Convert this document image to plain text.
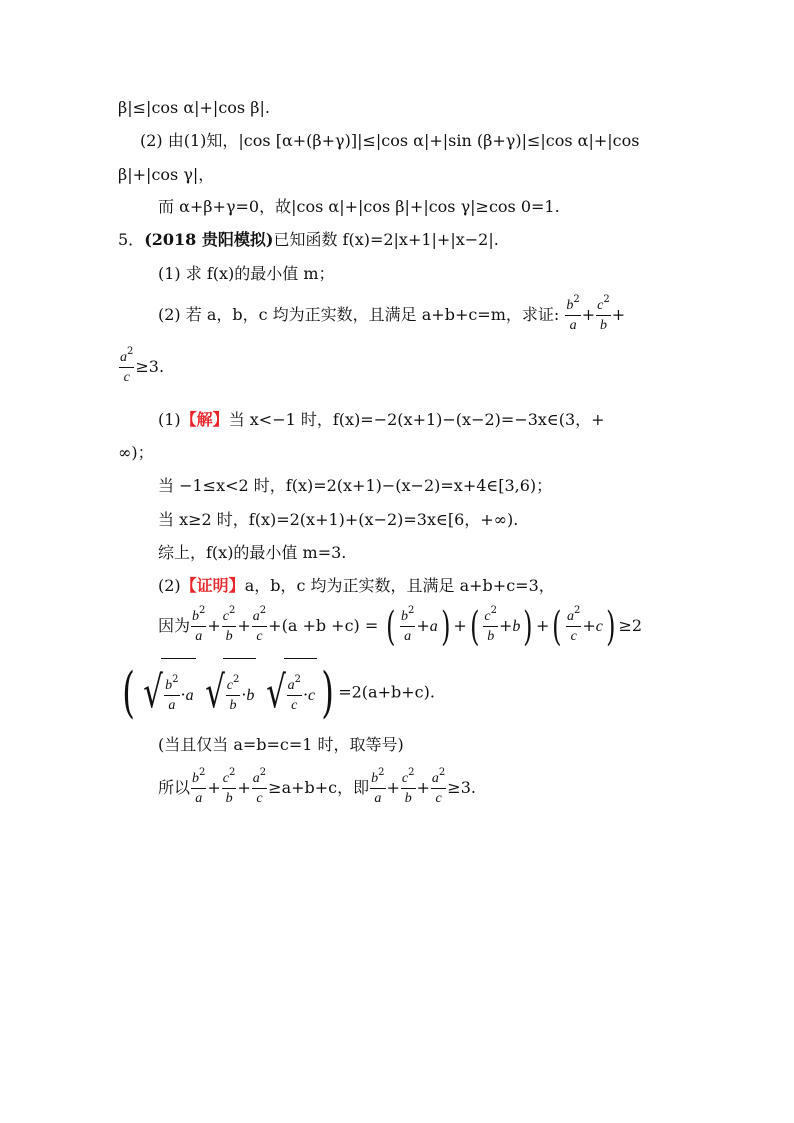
β|≤|cos α|+|cos β|.
(2) 由(1)知，|cos [α+(β+γ)]|≤|cos α|+|sin (β+γ)|≤|cos α|+|cos
β|+|cos γ|，
而 α+β+γ=0，故|cos α|+|cos β|+|cos γ|≥cos 0=1.
5．(2018 贵阳模拟)已知函数 f(x)=2|x+1|+|x−2|.
(1) 求 f(x)的最小值 m；
(2) 若 a，b，c 均为正实数，且满足 a+b+c=m，求证: $\frac{b^2}{a} + \frac{c^2}{b}$ +
$\frac{a^2}{c} \ge 3$.
(1)【解】当 x<−1 时，f(x)=−2(x+1)−(x−2)=−3x∈(3，+
∞)；
当 −1≤x<2 时，f(x)=2(x+1)−(x−2)=x+4∈[3,6)；
当 x≥2 时，f(x)=2(x+1)+(x−2)=3x∈[6，+∞).
综上，f(x)的最小值 m=3.
(2)【证明】a，b，c 均为正实数，且满足 a+b+c=3，
因为 $\frac{b^2}{a} + \frac{c^2}{b} + \frac{a^2}{c} +(a +b +c)$ = ( $\frac{b^2}{a} +a$) +( $\frac{c^2}{b} +b$) +( $\frac{a^2}{c} +c) \ge 2$
( √ $\frac{b^2}{a} \cdot a$ √ $\frac{c^2}{b} \cdot b$ √ $\frac{a^2}{c} \cdot c$ ) =2(a+b+c).
(当且仅当 a=b=c=1 时，取等号)
所以 $\frac{b^2}{a} + \frac{c^2}{b} + \frac{a^2}{c} \ge a+b+c$，即 $\frac{b^2}{a} + \frac{c^2}{b} + \frac{a^2}{c} \ge 3$.
